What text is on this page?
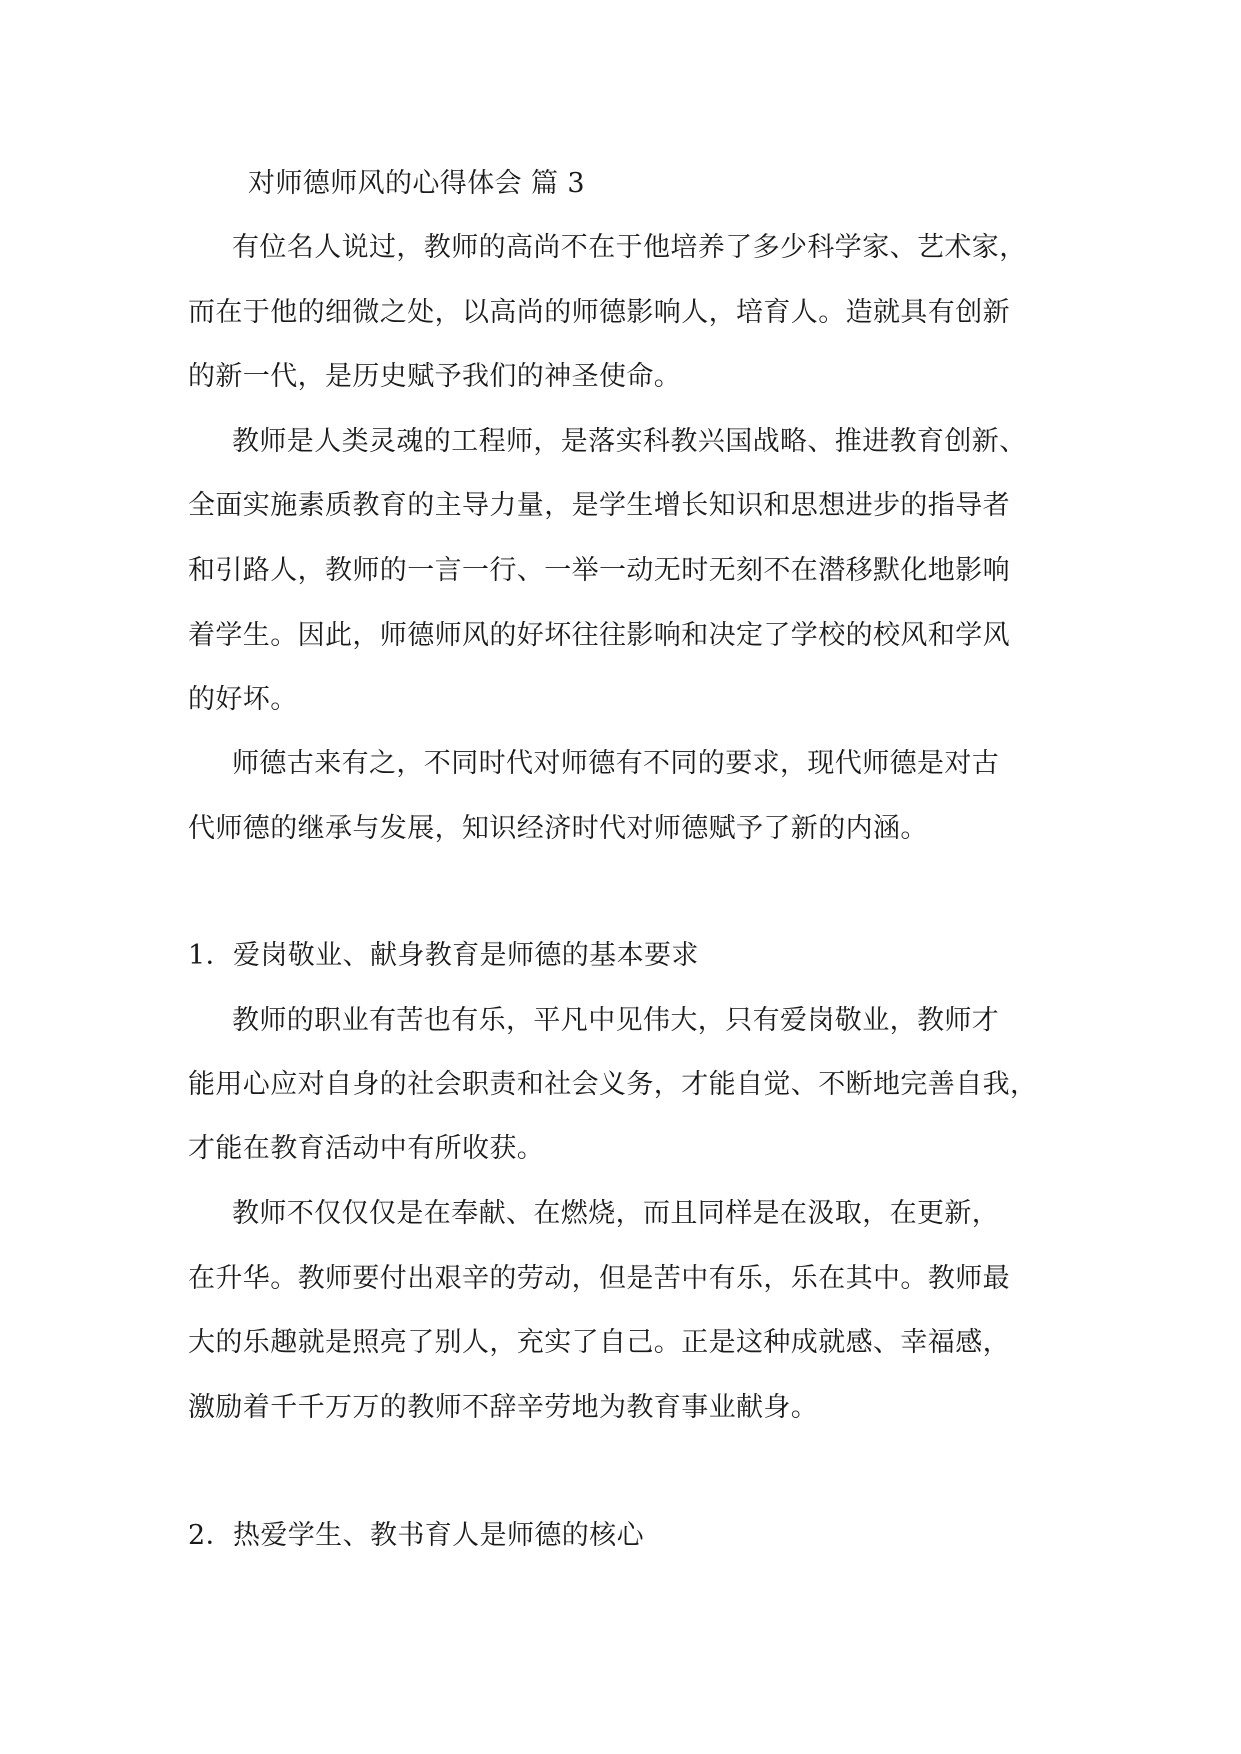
对师德师风的心得体会 篇 3
有位名人说过，教师的高尚不在于他培养了多少科学家、艺术家，
而在于他的细微之处，以高尚的师德影响人，培育人。造就具有创新
的新一代，是历史赋予我们的神圣使命。
教师是人类灵魂的工程师，是落实科教兴国战略、推进教育创新、
全面实施素质教育的主导力量，是学生增长知识和思想进步的指导者
和引路人，教师的一言一行、一举一动无时无刻不在潜移默化地影响
着学生。因此，师德师风的好坏往往影响和决定了学校的校风和学风
的好坏。
师德古来有之，不同时代对师德有不同的要求，现代师德是对古
代师德的继承与发展，知识经济时代对师德赋予了新的内涵。
1．爱岗敬业、献身教育是师德的基本要求
教师的职业有苦也有乐，平凡中见伟大，只有爱岗敬业，教师才
能用心应对自身的社会职责和社会义务，才能自觉、不断地完善自我，
才能在教育活动中有所收获。
教师不仅仅仅是在奉献、在燃烧，而且同样是在汲取，在更新，
在升华。教师要付出艰辛的劳动，但是苦中有乐，乐在其中。教师最
大的乐趣就是照亮了别人，充实了自己。正是这种成就感、幸福感，
激励着千千万万的教师不辞辛劳地为教育事业献身。
2．热爱学生、教书育人是师德的核心
